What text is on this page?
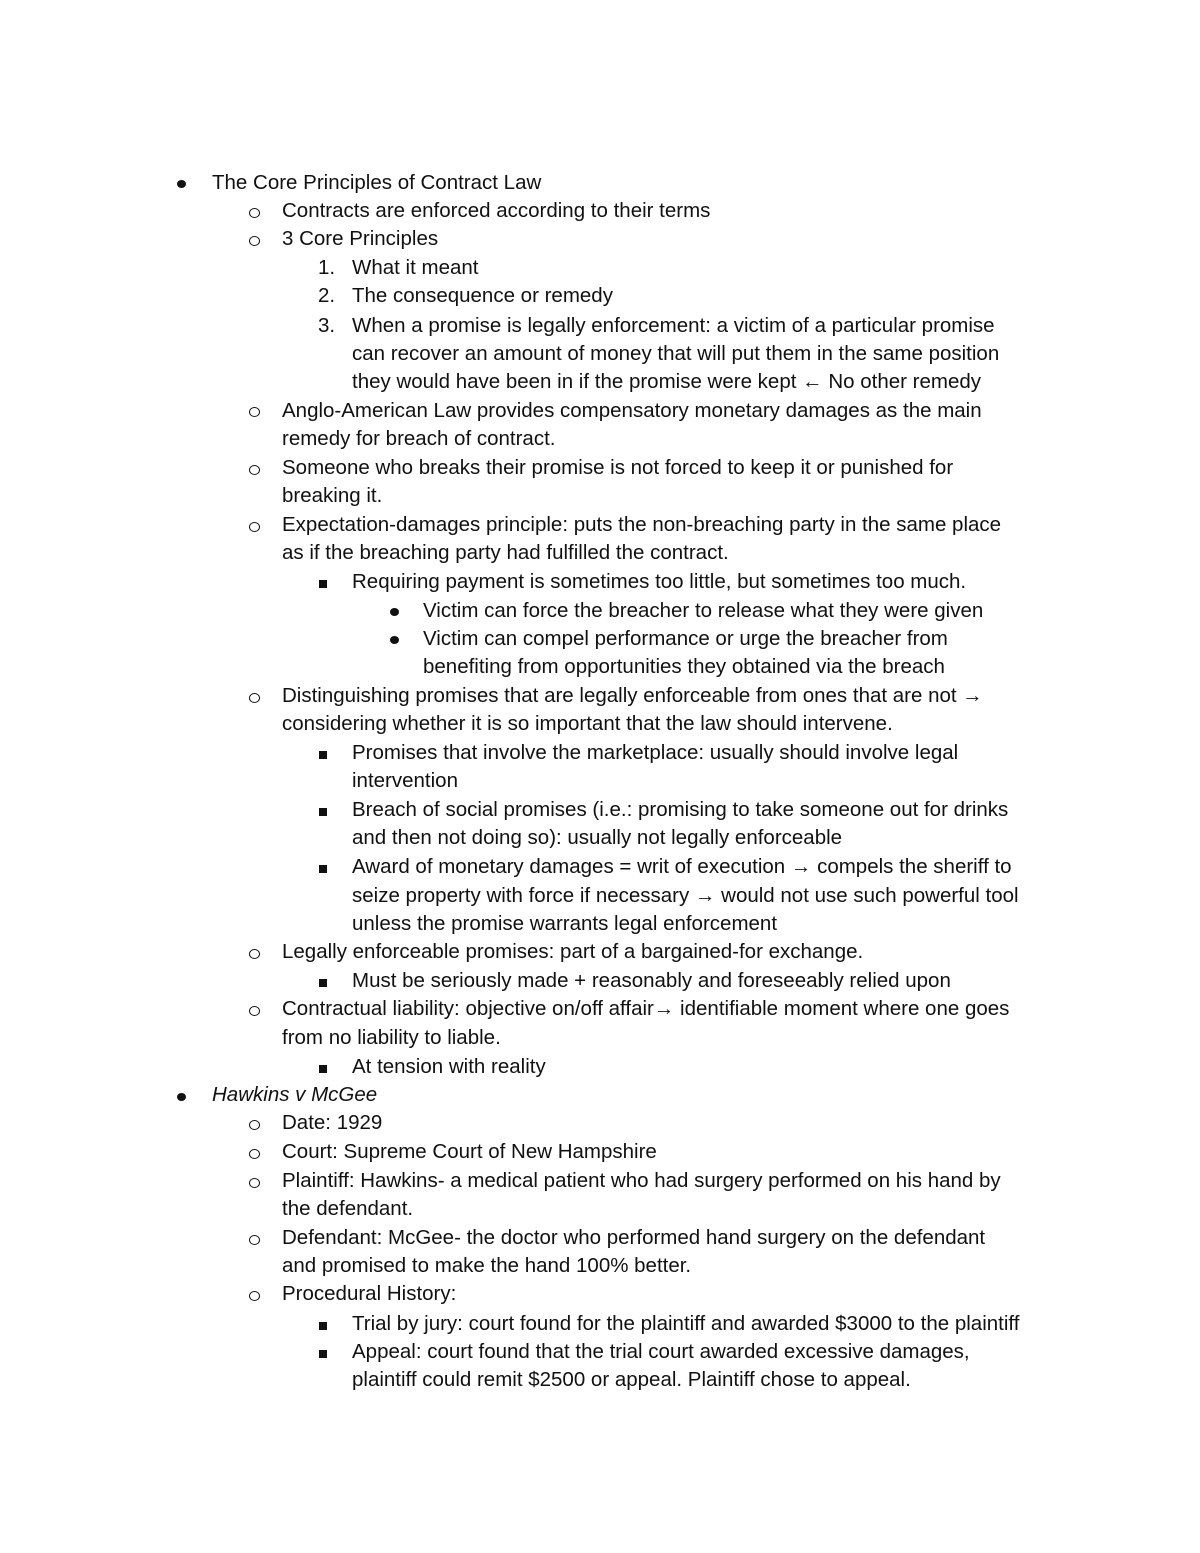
The Core Principles of Contract Law
Contracts are enforced according to their terms
3 Core Principles
1. What it meant
2. The consequence or remedy
3. When a promise is legally enforcement: a victim of a particular promise
can recover an amount of money that will put them in the same position
they would have been in if the promise were kept ← No other remedy
Anglo-American Law provides compensatory monetary damages as the main
remedy for breach of contract.
Someone who breaks their promise is not forced to keep it or punished for
breaking it.
Expectation-damages principle: puts the non-breaching party in the same place
as if the breaching party had fulfilled the contract.
Requiring payment is sometimes too little, but sometimes too much.
Victim can force the breacher to release what they were given
Victim can compel performance or urge the breacher from
benefiting from opportunities they obtained via the breach
Distinguishing promises that are legally enforceable from ones that are not →
considering whether it is so important that the law should intervene.
Promises that involve the marketplace: usually should involve legal
intervention
Breach of social promises (i.e.: promising to take someone out for drinks
and then not doing so): usually not legally enforceable
Award of monetary damages = writ of execution → compels the sheriff to
seize property with force if necessary → would not use such powerful tool
unless the promise warrants legal enforcement
Legally enforceable promises: part of a bargained-for exchange.
Must be seriously made + reasonably and foreseeably relied upon
Contractual liability: objective on/off affair→ identifiable moment where one goes
from no liability to liable.
At tension with reality
Hawkins v McGee
Date: 1929
Court: Supreme Court of New Hampshire
Plaintiff: Hawkins- a medical patient who had surgery performed on his hand by
the defendant.
Defendant: McGee- the doctor who performed hand surgery on the defendant
and promised to make the hand 100% better.
Procedural History:
Trial by jury: court found for the plaintiff and awarded $3000 to the plaintiff
Appeal: court found that the trial court awarded excessive damages,
plaintiff could remit $2500 or appeal. Plaintiff chose to appeal.
